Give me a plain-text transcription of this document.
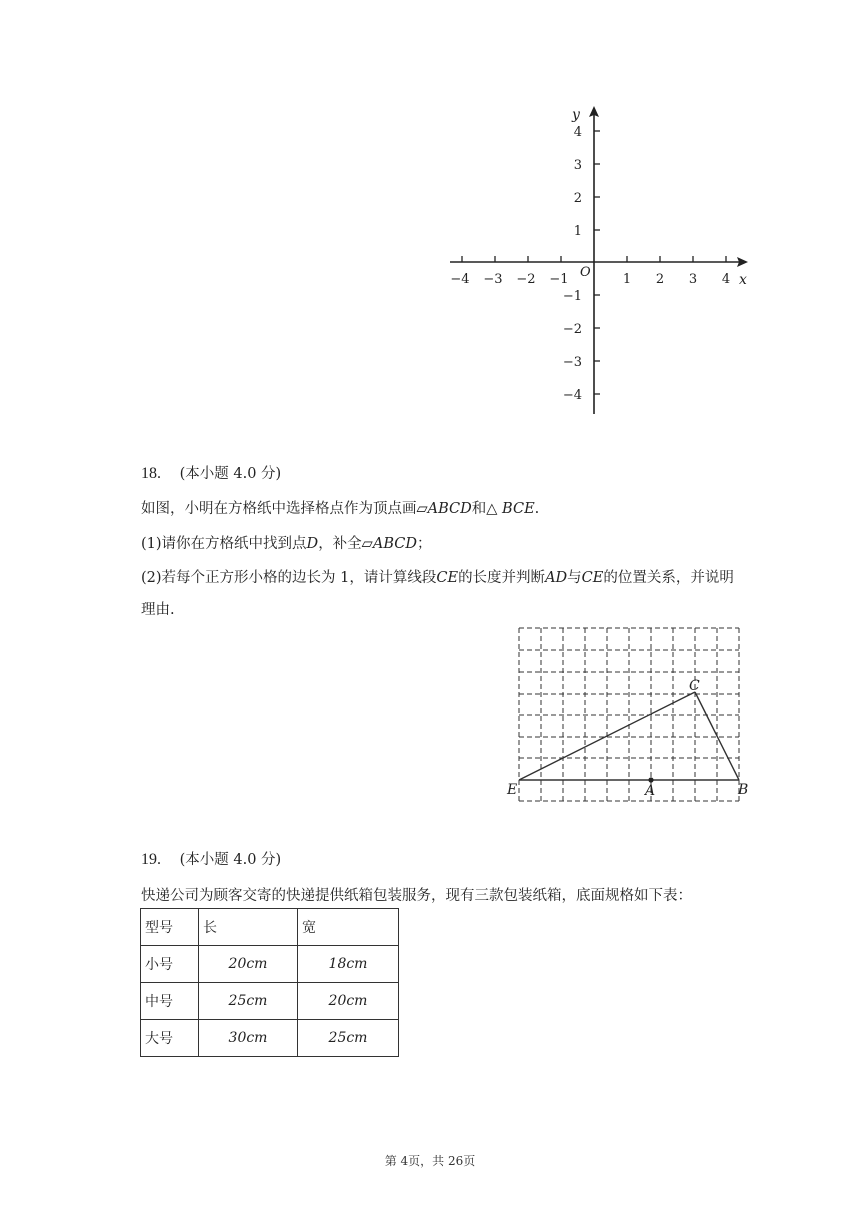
−4 −3 −2 −1	1 2 3 4
4
3
2
1
−1
−2
−3
−4
O	x
y
18. (本小题 4.0 分)
如图，小明在方格纸中选择格点作为顶点画▱ABCD和△ BCE.
(1)请你在方格纸中找到点D，补全▱ABCD；
(2)若每个正方形小格的边长为 1，请计算线段CE的长度并判断AD与CE的位置关系，并说明
理由.
C
E	A	B
19. (本小题 4.0 分)
快递公司为顾客交寄的快递提供纸箱包装服务，现有三款包装纸箱，底面规格如下表：
型号	长	宽
小号	20cm	18cm
中号	25cm	20cm
大号	30cm	25cm
第 4页，共 26页
